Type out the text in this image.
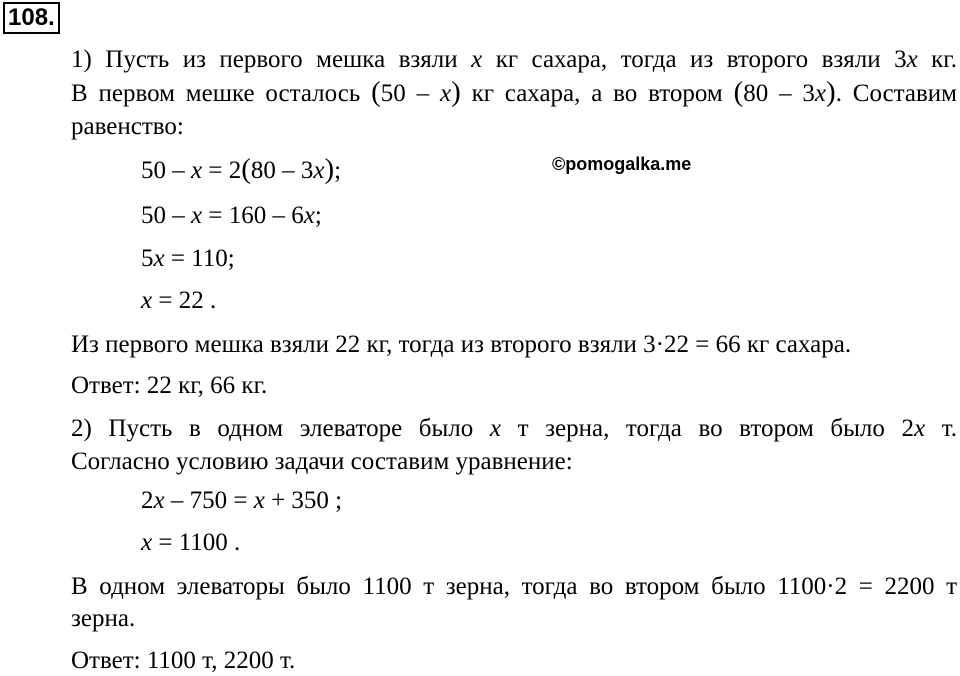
108.
1) Пусть из первого мешка взяли x кг сахара, тогда из второго взяли 3x кг.
В первом мешке осталось (50 – x) кг сахара, а во втором (80 – 3x). Составим
равенство:
50 – x = 2(80 – 3x);	©pomogalka.me
50 – x = 160 – 6x;
5x = 110;
x = 22 .
Из первого мешка взяли 22 кг, тогда из второго взяли 3·22 = 66 кг сахара.
Ответ: 22 кг, 66 кг.
2) Пусть в одном элеваторе было x т зерна, тогда во втором было 2x т.
Согласно условию задачи составим уравнение:
2x – 750 = x + 350 ;
x = 1100 .
В одном элеваторы было 1100 т зерна, тогда во втором было 1100·2 = 2200 т
зерна.
Ответ: 1100 т, 2200 т.
